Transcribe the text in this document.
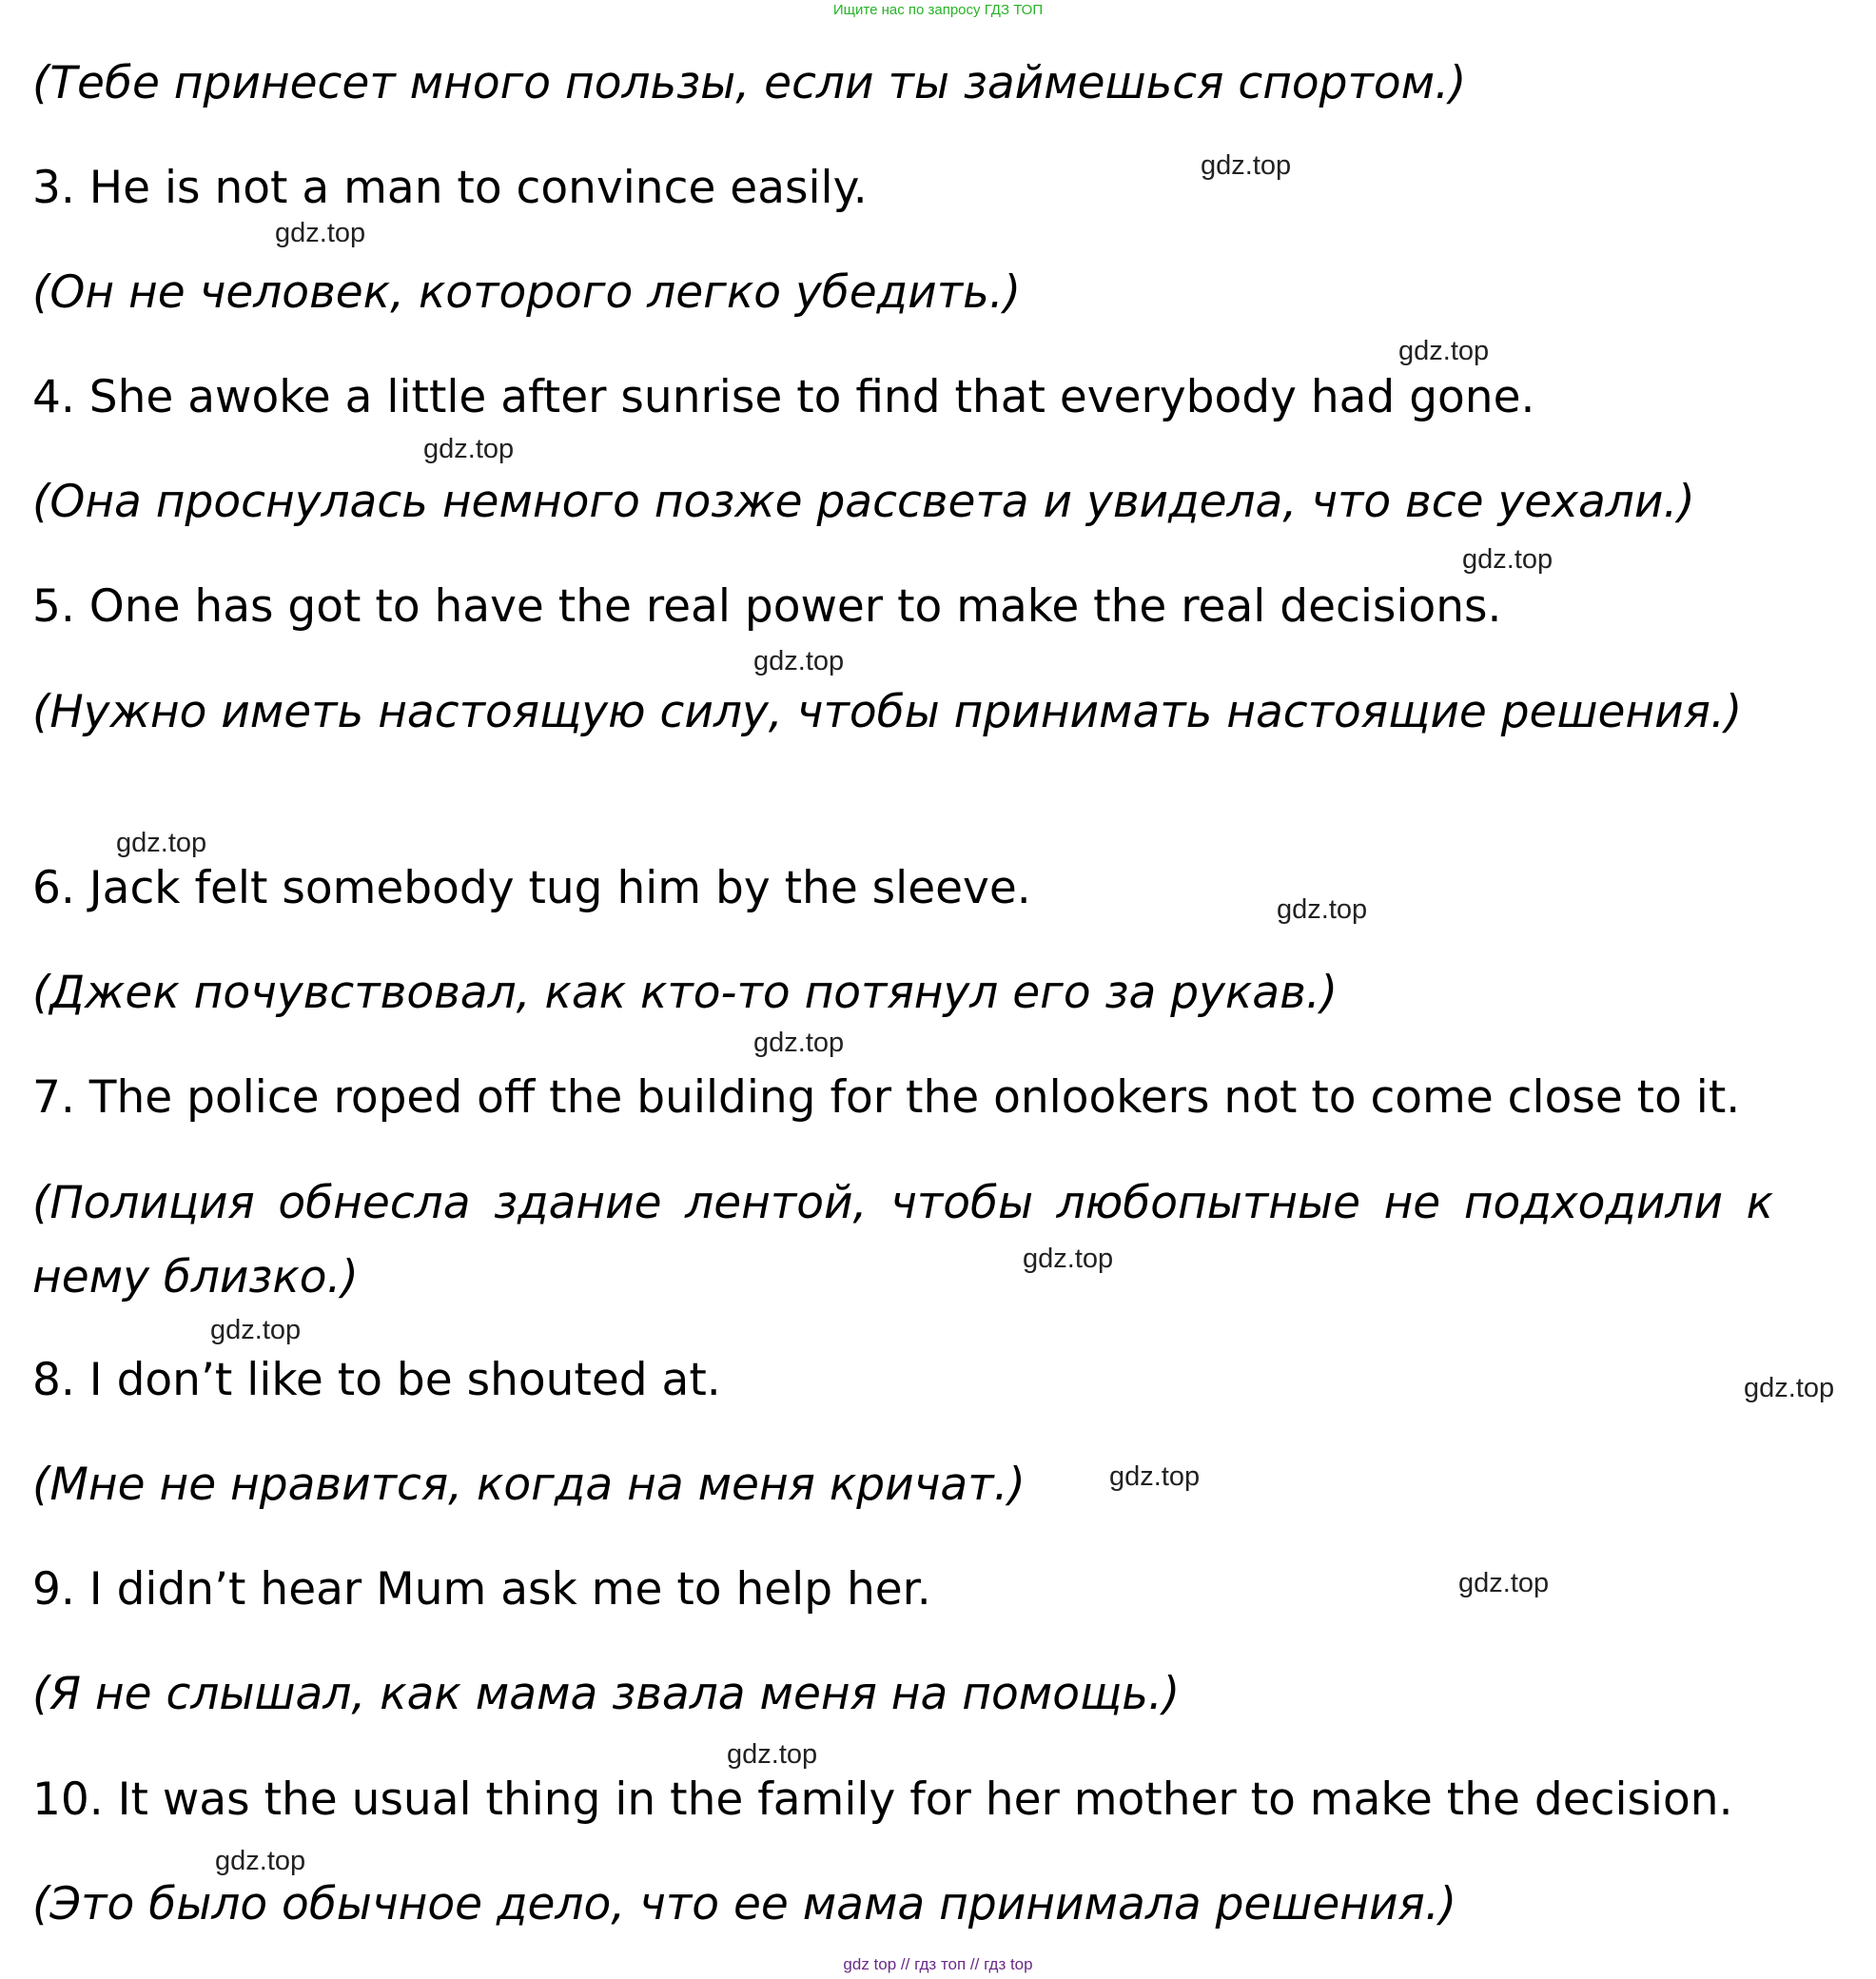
Ищите нас по запросу ГДЗ ТОП

(Тебе принесет много пользы, если ты займешься спортом.)

3. He is not a man to convince easily.

(Он не человек, которого легко убедить.)

4. She awoke a little after sunrise to find that everybody had gone.

(Она проснулась немного позже рассвета и увидела, что все уехали.)

5. One has got to have the real power to make the real decisions.

(Нужно иметь настоящую силу, чтобы принимать настоящие решения.)

6. Jack felt somebody tug him by the sleeve.

(Джек почувствовал, как кто-то потянул его за рукав.)

7. The police roped off the building for the onlookers not to come close to it.

(Полиция обнесла здание лентой, чтобы любопытные не подходили к нему близко.)

8. I don’t like to be shouted at.

(Мне не нравится, когда на меня кричат.)

9. I didn’t hear Mum ask me to help her.

(Я не слышал, как мама звала меня на помощь.)

10. It was the usual thing in the family for her mother to make the decision.

(Это было обычное дело, что ее мама принимала решения.)

gdz.top
gdz.top
gdz.top
gdz.top
gdz.top
gdz.top
gdz.top
gdz.top
gdz.top
gdz.top
gdz.top
gdz.top
gdz.top
gdz.top
gdz.top
gdz.top
gdz top // гдз топ // гдз top
